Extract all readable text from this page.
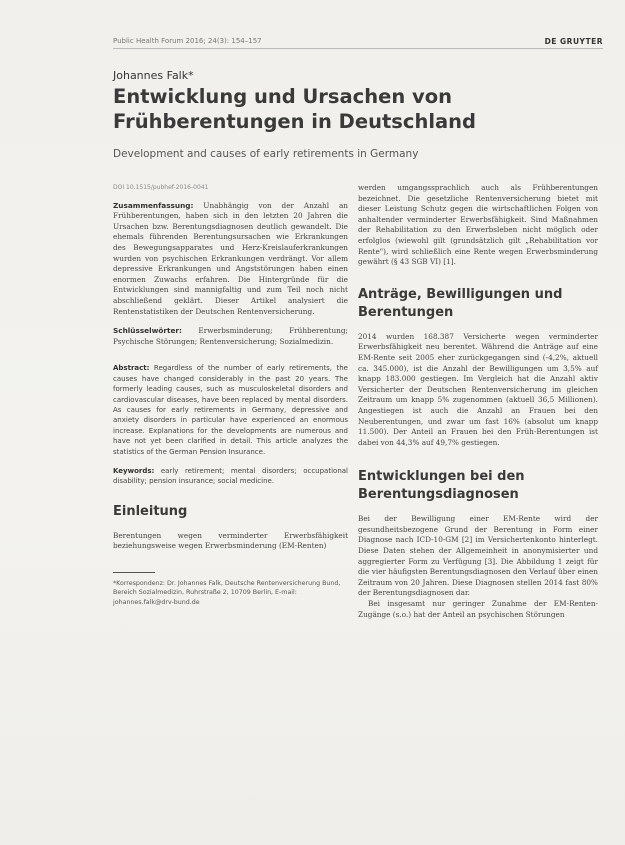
Public Health Forum 2016; 24(3): 154–157	DE GRUYTER
Johannes Falk*
Entwicklung und Ursachen von Frühberentungen in Deutschland
Development and causes of early retirements in Germany
DOI 10.1515/pubhef-2016-0041

Zusammenfassung: Unabhängig von der Anzahl an Frühberentungen, haben sich in den letzten 20 Jahren die Ursachen bzw. Berentungsdiagnosen deutlich gewandelt. Die ehemals führenden Berentungsursachen wie Erkrankungen des Bewegungsapparates und Herz-Kreislauferkrankungen wurden von psychischen Erkrankungen verdrängt. Vor allem depressive Erkrankungen und Angststörungen haben einen enormen Zuwachs erfahren. Die Hintergründe für die Entwicklungen sind mannigfaltig und zum Teil noch nicht abschließend geklärt. Dieser Artikel analysiert die Rentenstatistiken der Deutschen Rentenversicherung.

Schlüsselwörter: Erwerbsminderung; Frühberentung; Psychische Störungen; Rentenversicherung; Sozialmedizin.

Abstract: Regardless of the number of early retirements, the causes have changed considerably in the past 20 years. The formerly leading causes, such as musculoskeletal disorders and cardiovascular diseases, have been replaced by mental disorders. As causes for early retirements in Germany, depressive and anxiety disorders in particular have experienced an enormous increase. Explanations for the developments are numerous and have not yet been clarified in detail. This article analyzes the statistics of the German Pension Insurance.

Keywords: early retirement; mental disorders; occupational disability; pension insurance; social medicine.

Einleitung

Berentungen wegen verminderter Erwerbsfähigkeit beziehungsweise wegen Erwerbsminderung (EM-Renten)

*Korrespondenz: Dr. Johannes Falk, Deutsche Rentenversicherung Bund, Bereich Sozialmedizin, Ruhrstraße 2, 10709 Berlin, E-mail: johannes.falk@drv-bund.de

werden umgangssprachlich auch als Frühberentungen bezeichnet. Die gesetzliche Rentenversicherung bietet mit dieser Leistung Schutz gegen die wirtschaftlichen Folgen von anhaltender verminderter Erwerbsfähigkeit. Sind Maßnahmen der Rehabilitation zu den Erwerbsleben nicht möglich oder erfolglos (wiewohl gilt (grundsätzlich gilt „Rehabilitation vor Rente"), wird schließlich eine Rente wegen Erwerbsminderung gewährt (§ 43 SGB VI) [1].

Anträge, Bewilligungen und Berentungen

2014 wurden 168.387 Versicherte wegen verminderter Erwerbsfähigkeit neu berentet. Während die Anträge auf eine EM-Rente seit 2005 eher zurückgegangen sind (-4,2%, aktuell ca. 345.000), ist die Anzahl der Bewilligungen um 3,5% auf knapp 183.000 gestiegen. Im Vergleich hat die Anzahl aktiv Versicherter der Deutschen Rentenversicherung im gleichen Zeitraum um knapp 5% zugenommen (aktuell 36,5 Millionen). Angestiegen ist auch die Anzahl an Frauen bei den Neuberentungen, und zwar um fast 16% (absolut um knapp 11.500). Der Anteil an Frauen bei den Früh-Berentungen ist dabei von 44,3% auf 49,7% gestiegen.

Entwicklungen bei den Berentungsdiagnosen

Bei der Bewilligung einer EM-Rente wird der gesundheitsbezogene Grund der Berentung in Form einer Diagnose nach ICD-10-GM [2] im Versichertenkonto hinterlegt. Diese Daten stehen der Allgemeinheit in anonymisierter und aggregierter Form zu Verfügung [3]. Die Abbildung 1 zeigt für die vier häufigsten Berentungsdiagnosen den Verlauf über einen Zeitraum von 20 Jahren. Diese Diagnosen stellen 2014 fast 80% der Berentungsdiagnosen dar.

Bei insgesamt nur geringer Zunahme der EM-Renten-Zugänge (s.o.) hat der Anteil an psychischen Störungen
